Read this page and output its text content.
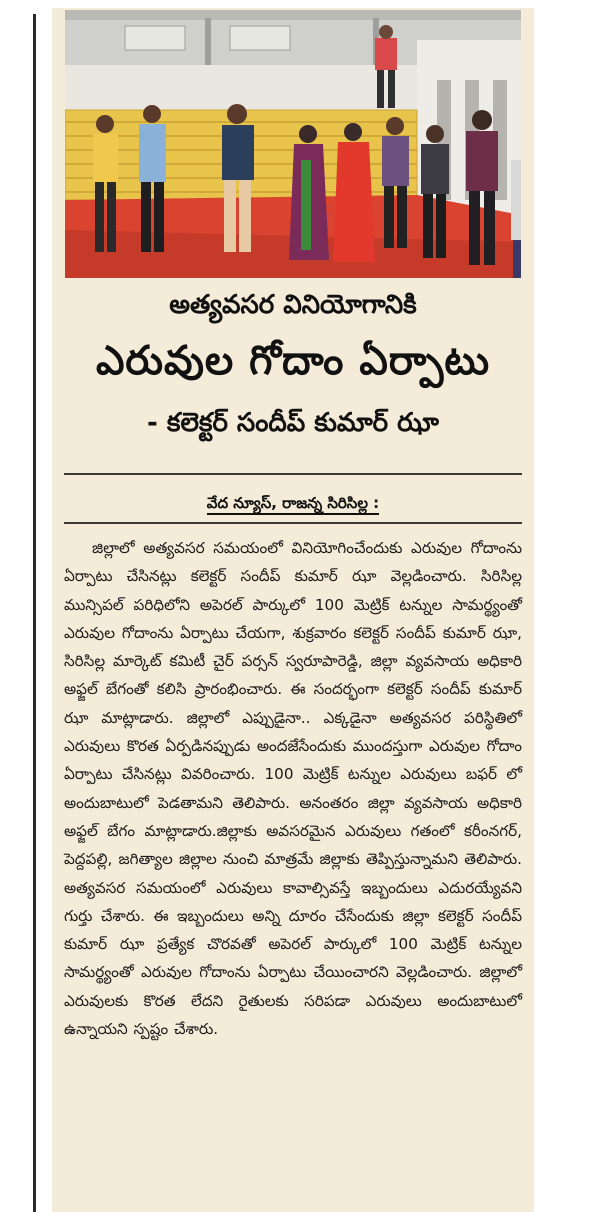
అత్యవసర వినియోగానికి
ఎరువుల గోదాం ఏర్పాటు
- కలెక్టర్ సందీప్ కుమార్ ఝా
వేద న్యూస్, రాజన్న సిరిసిల్ల :
జిల్లాలో అత్యవసర సమయంలో వినియోగించేందుకు ఎరువుల గోదాంను ఏర్పాటు చేసినట్లు కలెక్టర్ సందీప్ కుమార్ ఝా వెల్లడించారు. సిరిసిల్ల మున్సిపల్ పరిధిలోని అపెరల్ పార్కులో 100 మెట్రిక్ టన్నుల సామర్థ్యంతో ఎరువుల గోదాంను ఏర్పాటు చేయగా, శుక్రవారం కలెక్టర్ సందీప్ కుమార్ ఝా, సిరిసిల్ల మార్కెట్ కమిటీ చైర్ పర్సన్ స్వరూపారెడ్డి, జిల్లా వ్యవసాయ అధికారి అఫ్జల్ బేగంతో కలిసి ప్రారంభించారు. ఈ సందర్భంగా కలెక్టర్ సందీప్ కుమార్ ఝా మాట్లాడారు. జిల్లాలో ఎప్పుడైనా.. ఎక్కడైనా అత్యవసర పరిస్థితిలో ఎరువులు కొరత ఏర్పడినప్పుడు అందజేసేందుకు ముందస్తుగా ఎరువుల గోదాం ఏర్పాటు చేసినట్లు వివరించారు. 100 మెట్రిక్ టన్నుల ఎరువులు బఫర్ లో అందుబాటులో పెడతామని తెలిపారు. అనంతరం జిల్లా వ్యవసాయ అధికారి అఫ్జల్ బేగం మాట్లాడారు.జిల్లాకు అవసరమైన ఎరువులు గతంలో కరీంనగర్, పెద్దపల్లి, జగిత్యాల జిల్లాల నుంచి మాత్రమే జిల్లాకు తెప్పిస్తున్నామని తెలిపారు. అత్యవసర సమయంలో ఎరువులు కావాల్సివస్తే ఇబ్బందులు ఎదురయ్యేవని గుర్తు చేశారు. ఈ ఇబ్బందులు అన్ని దూరం చేసేందుకు జిల్లా కలెక్టర్ సందీప్ కుమార్ ఝా ప్రత్యేక చొరవతో అపెరల్ పార్కులో 100 మెట్రిక్ టన్నుల సామర్థ్యంతో ఎరువుల గోదాంను ఏర్పాటు చేయించారని వెల్లడించారు. జిల్లాలో ఎరువులకు కొరత లేదని రైతులకు సరిపడా ఎరువులు అందుబాటులో ఉన్నాయని స్పష్టం చేశారు.
